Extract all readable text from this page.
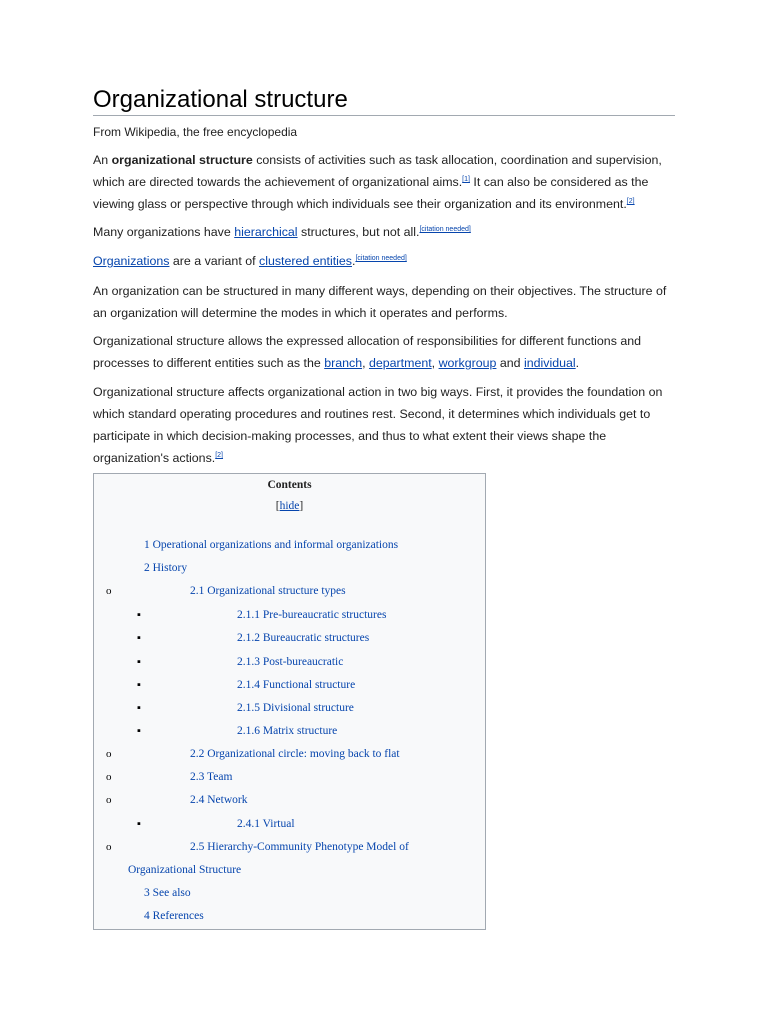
Organizational structure
From Wikipedia, the free encyclopedia

An organizational structure consists of activities such as task allocation, coordination and supervision, which are directed towards the achievement of organizational aims.[1] It can also be considered as the viewing glass or perspective through which individuals see their organization and its environment.[2]

Many organizations have hierarchical structures, but not all.[citation needed]

Organizations are a variant of clustered entities.[citation needed]

An organization can be structured in many different ways, depending on their objectives. The structure of an organization will determine the modes in which it operates and performs.

Organizational structure allows the expressed allocation of responsibilities for different functions and processes to different entities such as the branch, department, workgroup and individual.

Organizational structure affects organizational action in two big ways. First, it provides the foundation on which standard operating procedures and routines rest. Second, it determines which individuals get to participate in which decision-making processes, and thus to what extent their views shape the organization's actions.[2]

Contents
[hide]
1 Operational organizations and informal organizations
2 History
o	2.1 Organizational structure types
▪	2.1.1 Pre-bureaucratic structures
▪	2.1.2 Bureaucratic structures
▪	2.1.3 Post-bureaucratic
▪	2.1.4 Functional structure
▪	2.1.5 Divisional structure
▪	2.1.6 Matrix structure
o	2.2 Organizational circle: moving back to flat
o	2.3 Team
o	2.4 Network
▪	2.4.1 Virtual
o	2.5 Hierarchy-Community Phenotype Model of
Organizational Structure
3 See also
4 References
